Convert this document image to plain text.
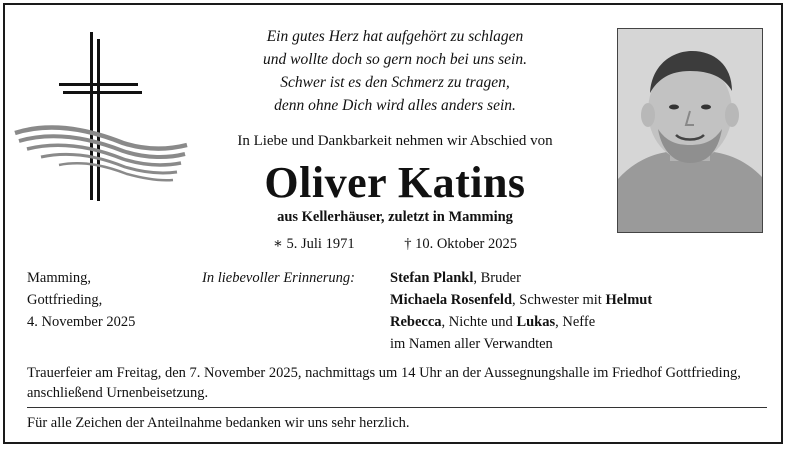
Ein gutes Herz hat aufgehört zu schlagen
und wollte doch so gern noch bei uns sein.
Schwer ist es den Schmerz zu tragen,
denn ohne Dich wird alles anders sein.
In Liebe und Dankbarkeit nehmen wir Abschied von
Oliver Katins
aus Kellerhäuser, zuletzt in Mamming
∗ 5. Juli 1971	† 10. Oktober 2025
Mamming,
Gottfrieding,
4. November 2025
In liebevoller Erinnerung: Stefan Plankl, Bruder
Michaela Rosenfeld, Schwester mit Helmut
Rebecca, Nichte und Lukas, Neffe
im Namen aller Verwandten
Trauerfeier am Freitag, den 7. November 2025, nachmittags um 14 Uhr an der Aussegnungshalle im Friedhof Gottfrieding, anschließend Urnenbeisetzung.
Für alle Zeichen der Anteilnahme bedanken wir uns sehr herzlich.
